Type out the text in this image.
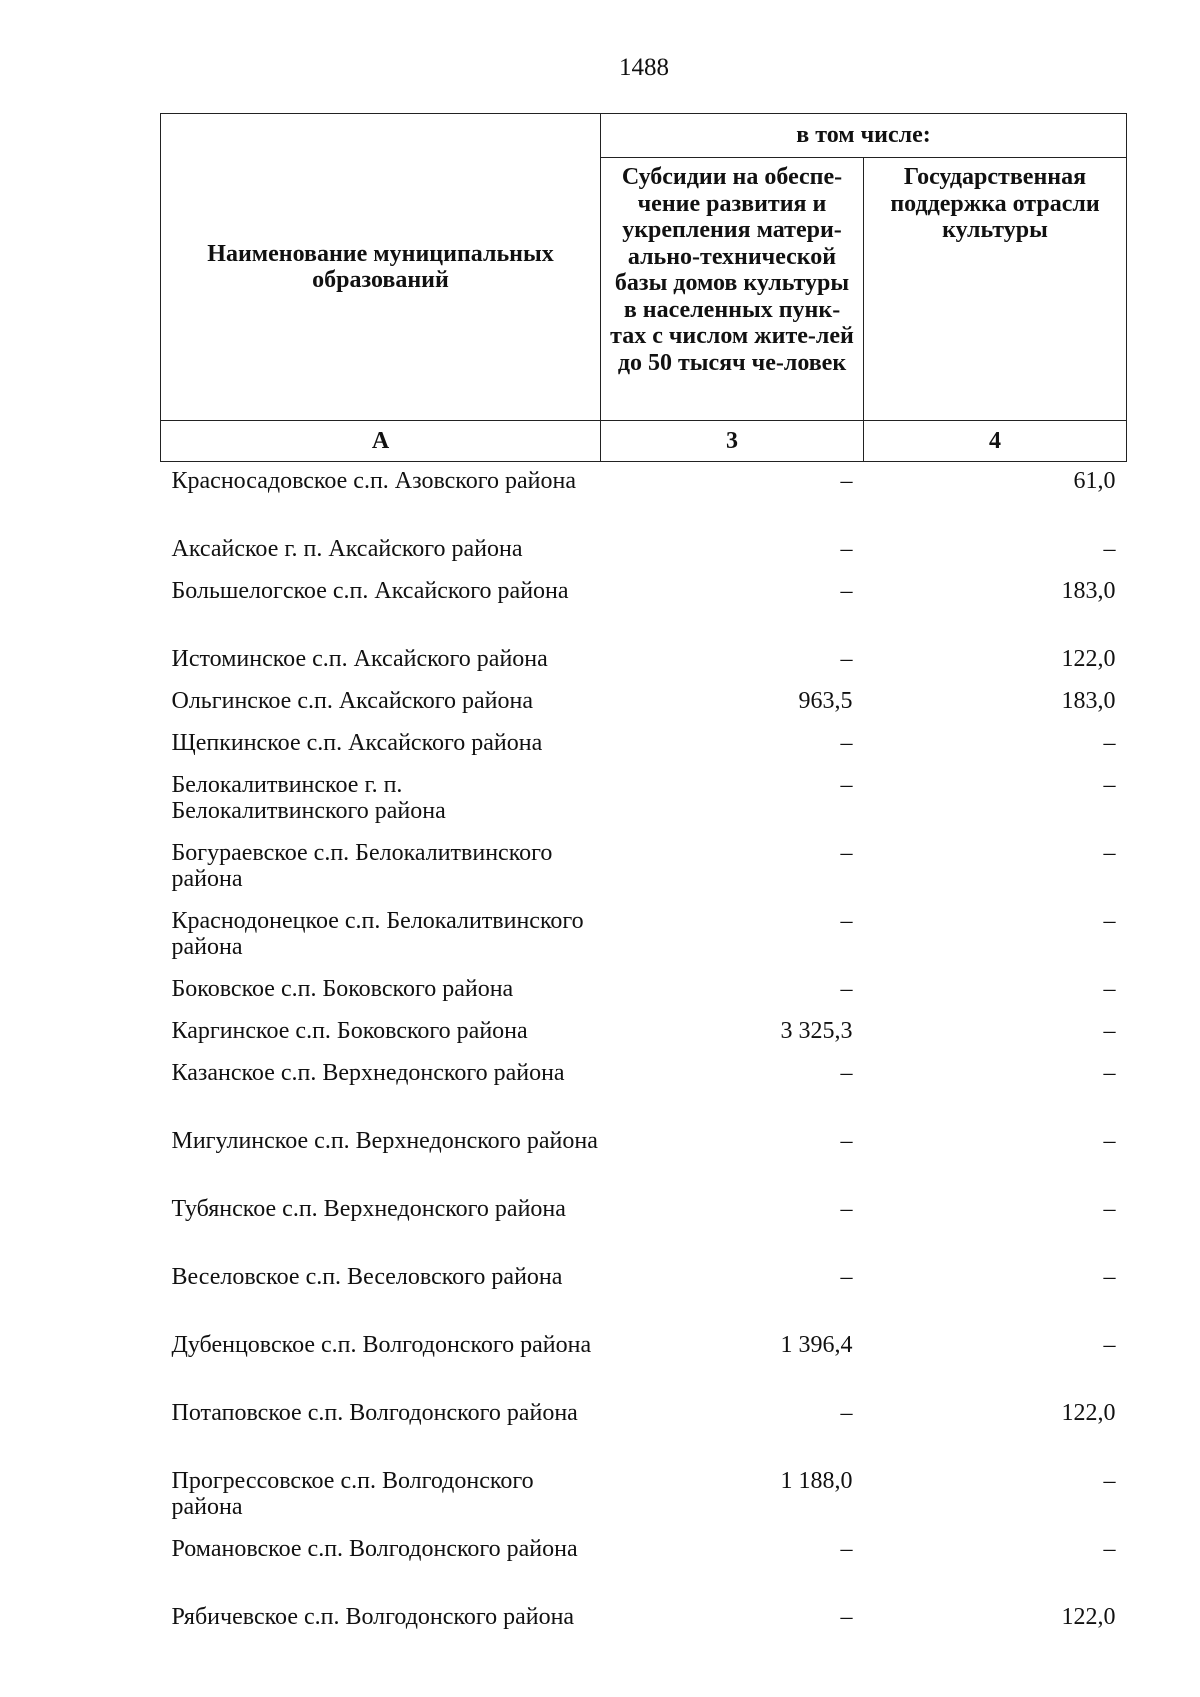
1488
Наименование муниципальных образований	в том числе:	
	Субсидии на обеспе-чение развития и укрепления матери-ально-технической базы домов культуры в населенных пунк-тах с числом жите-лей до 50 тысяч че-ловек	Государственная поддержка отрасли культуры
А	3	4
Красносадовское с.п. Азовского района	–	61,0
Аксайское г. п. Аксайского района	–	–
Большелогское с.п. Аксайского района	–	183,0
Истоминское с.п. Аксайского района	–	122,0
Ольгинское с.п. Аксайского района	963,5	183,0
Щепкинское с.п. Аксайского района	–	–
Белокалитвинское г. п. Белокалитвинского района	–	–
Богураевское с.п. Белокалитвинского района	–	–
Краснодонецкое с.п. Белокалитвинского района	–	–
Боковское с.п. Боковского района	–	–
Каргинское с.п. Боковского района	3 325,3	–
Казанское с.п. Верхнедонского района	–	–
Мигулинское с.п. Верхнедонского района	–	–
Тубянское с.п. Верхнедонского района	–	–
Веселовское с.п. Веселовского района	–	–
Дубенцовское с.п. Волгодонского района	1 396,4	–
Потаповское с.п. Волгодонского района	–	122,0
Прогрессовское с.п. Волгодонского района	1 188,0	–
Романовское с.п. Волгодонского района	–	–
Рябичевское с.п. Волгодонского района	–	122,0
